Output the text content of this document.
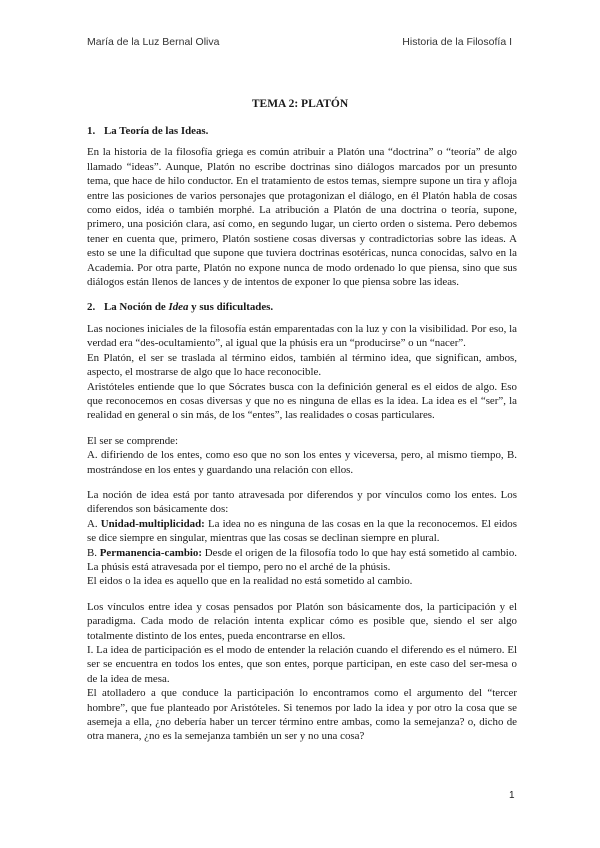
María de la Luz Bernal Oliva	Historia de la Filosofía I
TEMA 2: PLATÓN
1. La Teoría de las Ideas.

En la historia de la filosofía griega es común atribuir a Platón una “doctrina” o “teoría” de algo llamado “ideas”. Aunque, Platón no escribe doctrinas sino diálogos marcados por un presunto tema, que hace de hilo conductor. En el tratamiento de estos temas, siempre supone un tira y afloja entre las posiciones de varios personajes que protagonizan el diálogo, en él Platón habla de cosas como eidos, idéa o también morphé. La atribución a Platón de una doctrina o teoría, supone, primero, una posición clara, así como, en segundo lugar, un cierto orden o sistema. Pero debemos tener en cuenta que, primero, Platón sostiene cosas diversas y contradictorias sobre las ideas. A esto se une la dificultad que supone que tuviera doctrinas esotéricas, nunca conocidas, salvo en la Academia. Por otra parte, Platón no expone nunca de modo ordenado lo que piensa, sino que sus diálogos están llenos de lances y de intentos de exponer lo que piensa sobre las ideas.

2. La Noción de Idea y sus dificultades.

Las nociones iniciales de la filosofía están emparentadas con la luz y con la visibilidad. Por eso, la verdad era “des-ocultamiento”, al igual que la phúsis era un “producirse” o un “nacer”.
En Platón, el ser se traslada al término eidos, también al término idea, que significan, ambos, aspecto, el mostrarse de algo que lo hace reconocible.
Aristóteles entiende que lo que Sócrates busca con la definición general es el eidos de algo. Eso que reconocemos en cosas diversas y que no es ninguna de ellas es la idea. La idea es el “ser”, la realidad en general o sin más, de los “entes”, las realidades o cosas particulares.

El ser se comprende:
A. difiriendo de los entes, como eso que no son los entes y viceversa, pero, al mismo tiempo, B. mostrándose en los entes y guardando una relación con ellos.

La noción de idea está por tanto atravesada por diferendos y por vínculos como los entes. Los diferendos son básicamente dos:
A. Unidad-multiplicidad: La idea no es ninguna de las cosas en la que la reconocemos. El eidos se dice siempre en singular, mientras que las cosas se declinan siempre en plural.
B. Permanencia-cambio: Desde el origen de la filosofía todo lo que hay está sometido al cambio. La phúsis está atravesada por el tiempo, pero no el arché de la phúsis.
El eidos o la idea es aquello que en la realidad no está sometido al cambio.

Los vínculos entre idea y cosas pensados por Platón son básicamente dos, la participación y el paradigma. Cada modo de relación intenta explicar cómo es posible que, siendo el ser algo totalmente distinto de los entes, pueda encontrarse en ellos.
I. La idea de participación es el modo de entender la relación cuando el diferendo es el número. El ser se encuentra en todos los entes, que son entes, porque participan, en este caso del ser-mesa o de la idea de mesa.
El atolladero a que conduce la participación lo encontramos como el argumento del “tercer hombre”, que fue planteado por Aristóteles. Si tenemos por lado la idea y por otro la cosa que se asemeja a ella, ¿no debería haber un tercer término entre ambas, como la semejanza? o, dicho de otra manera, ¿no es la semejanza también un ser y no una cosa?

1
